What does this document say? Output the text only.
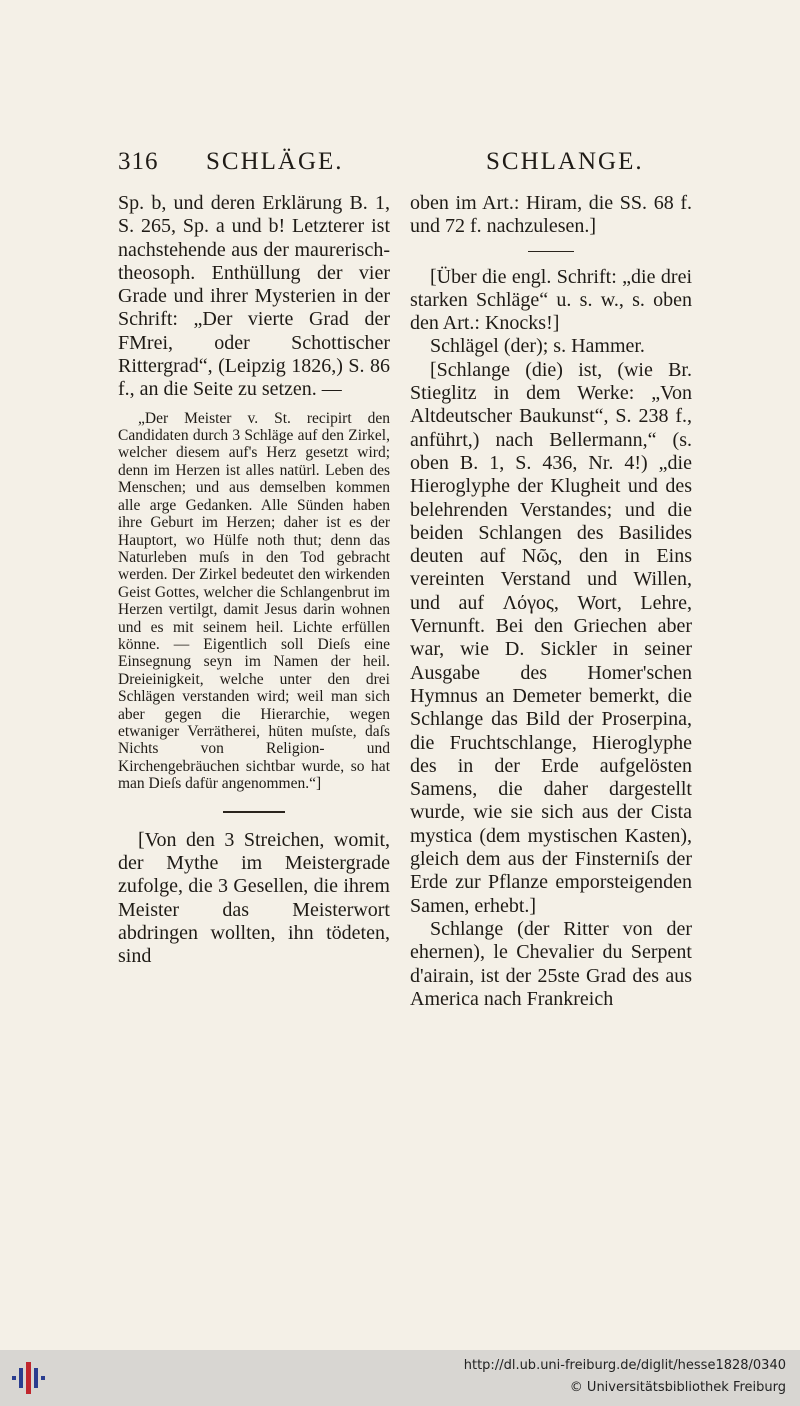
316 SCHLÄGE.	SCHLANGE.

Sp. b, und deren Erklärung B. 1, S. 265, Sp. a und b! Letzterer ist nachstehende aus der maurerisch-theosoph. Enthüllung der vier Grade und ihrer Mysterien in der Schrift: „Der vierte Grad der FMrei, oder Schottischer Rittergrad“, (Leipzig 1826,) S. 86 f., an die Seite zu setzen. —

„Der Meister v. St. recipirt den Candidaten durch 3 Schläge auf den Zirkel, welcher diesem auf's Herz gesetzt wird; denn im Herzen ist alles natürl. Leben des Menschen; und aus demselben kommen alle arge Gedanken. Alle Sünden haben ihre Geburt im Herzen; daher ist es der Hauptort, wo Hülfe noth thut; denn das Naturleben muſs in den Tod gebracht werden. Der Zirkel bedeutet den wirkenden Geist Gottes, welcher die Schlangenbrut im Herzen vertilgt, damit Jesus darin wohnen und es mit seinem heil. Lichte erfüllen könne. — Eigentlich soll Dieſs eine Einsegnung seyn im Namen der heil. Dreieinigkeit, welche unter den drei Schlägen verstanden wird; weil man sich aber gegen die Hierarchie, wegen etwaniger Verrätherei, hüten muſste, daſs Nichts von Religion- und Kirchengebräuchen sichtbar wurde, so hat man Dieſs dafür angenommen.“]

[Von den 3 Streichen, womit, der Mythe im Meistergrade zufolge, die 3 Gesellen, die ihrem Meister das Meisterwort abdringen wollten, ihn tödeten, sind

oben im Art.: Hiram, die SS. 68 f. und 72 f. nachzulesen.]

[Über die engl. Schrift: „die drei starken Schläge“ u. s. w., s. oben den Art.: Knocks!]

Schlägel (der); s. Hammer.

[Schlange (die) ist, (wie Br. Stieglitz in dem Werke: „Von Altdeutscher Baukunst“, S. 238 f., anführt,) nach Bellermann,“ (s. oben B. 1, S. 436, Nr. 4!) „die Hieroglyphe der Klugheit und des belehrenden Verstandes; und die beiden Schlangen des Basilides deuten auf Νῶς, den in Eins vereinten Verstand und Willen, und auf Λόγος, Wort, Lehre, Vernunft. Bei den Griechen aber war, wie D. Sickler in seiner Ausgabe des Homer'schen Hymnus an Demeter bemerkt, die Schlange das Bild der Proserpina, die Fruchtschlange, Hieroglyphe des in der Erde aufgelösten Samens, die daher dargestellt wurde, wie sie sich aus der Cista mystica (dem mystischen Kasten), gleich dem aus der Finsterniſs der Erde zur Pflanze emporsteigenden Samen, erhebt.]

Schlange (der Ritter von der ehernen), le Chevalier du Serpent d'airain, ist der 25ste Grad des aus America nach Frankreich

http://dl.ub.uni-freiburg.de/diglit/hesse1828/0340
© Universitätsbibliothek Freiburg
